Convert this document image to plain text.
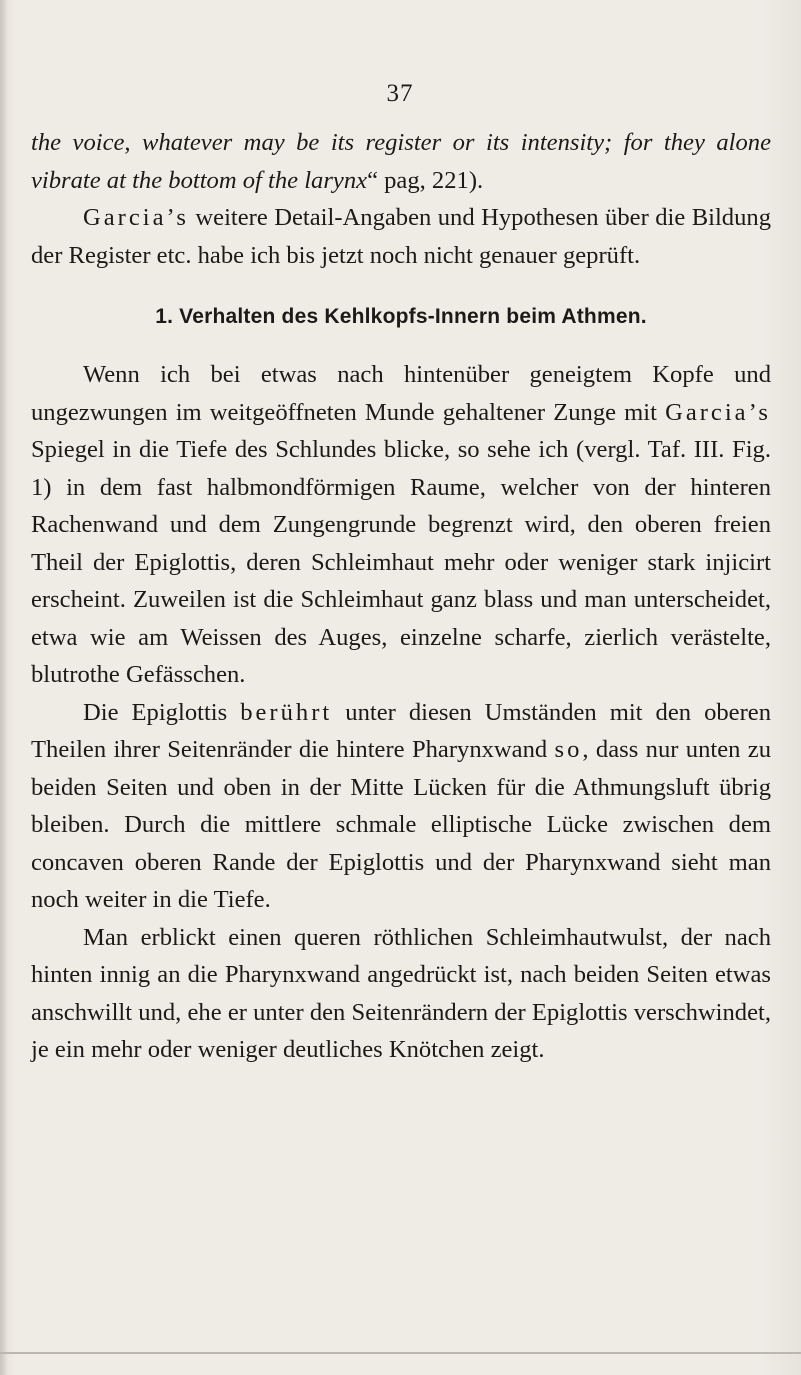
37

the voice, whatever may be its register or its intensity; for they alone vibrate at the bottom of the larynx“ pag, 221).

Garcia’s weitere Detail-Angaben und Hypothesen über die Bildung der Register etc. habe ich bis jetzt noch nicht genauer geprüft.

1. Verhalten des Kehlkopfs-Innern beim Athmen.

Wenn ich bei etwas nach hintenüber geneigtem Kopfe und ungezwungen im weitgeöffneten Munde gehaltener Zunge mit Garcia’s Spiegel in die Tiefe des Schlundes blicke, so sehe ich (vergl. Taf. III. Fig. 1) in dem fast halbmondförmigen Raume, welcher von der hinteren Rachenwand und dem Zungengrunde begrenzt wird, den oberen freien Theil der Epiglottis, deren Schleimhaut mehr oder weniger stark injicirt erscheint. Zuweilen ist die Schleimhaut ganz blass und man unterscheidet, etwa wie am Weissen des Auges, einzelne scharfe, zierlich verästelte, blutrothe Gefässchen.

Die Epiglottis berührt unter diesen Umständen mit den oberen Theilen ihrer Seitenränder die hintere Pharynxwand so, dass nur unten zu beiden Seiten und oben in der Mitte Lücken für die Athmungsluft übrig bleiben. Durch die mittlere schmale elliptische Lücke zwischen dem concaven oberen Rande der Epiglottis und der Pharynxwand sieht man noch weiter in die Tiefe.

Man erblickt einen queren röthlichen Schleimhautwulst, der nach hinten innig an die Pharynxwand angedrückt ist, nach beiden Seiten etwas anschwillt und, ehe er unter den Seitenrändern der Epiglottis verschwindet, je ein mehr oder weniger deutliches Knötchen zeigt.
